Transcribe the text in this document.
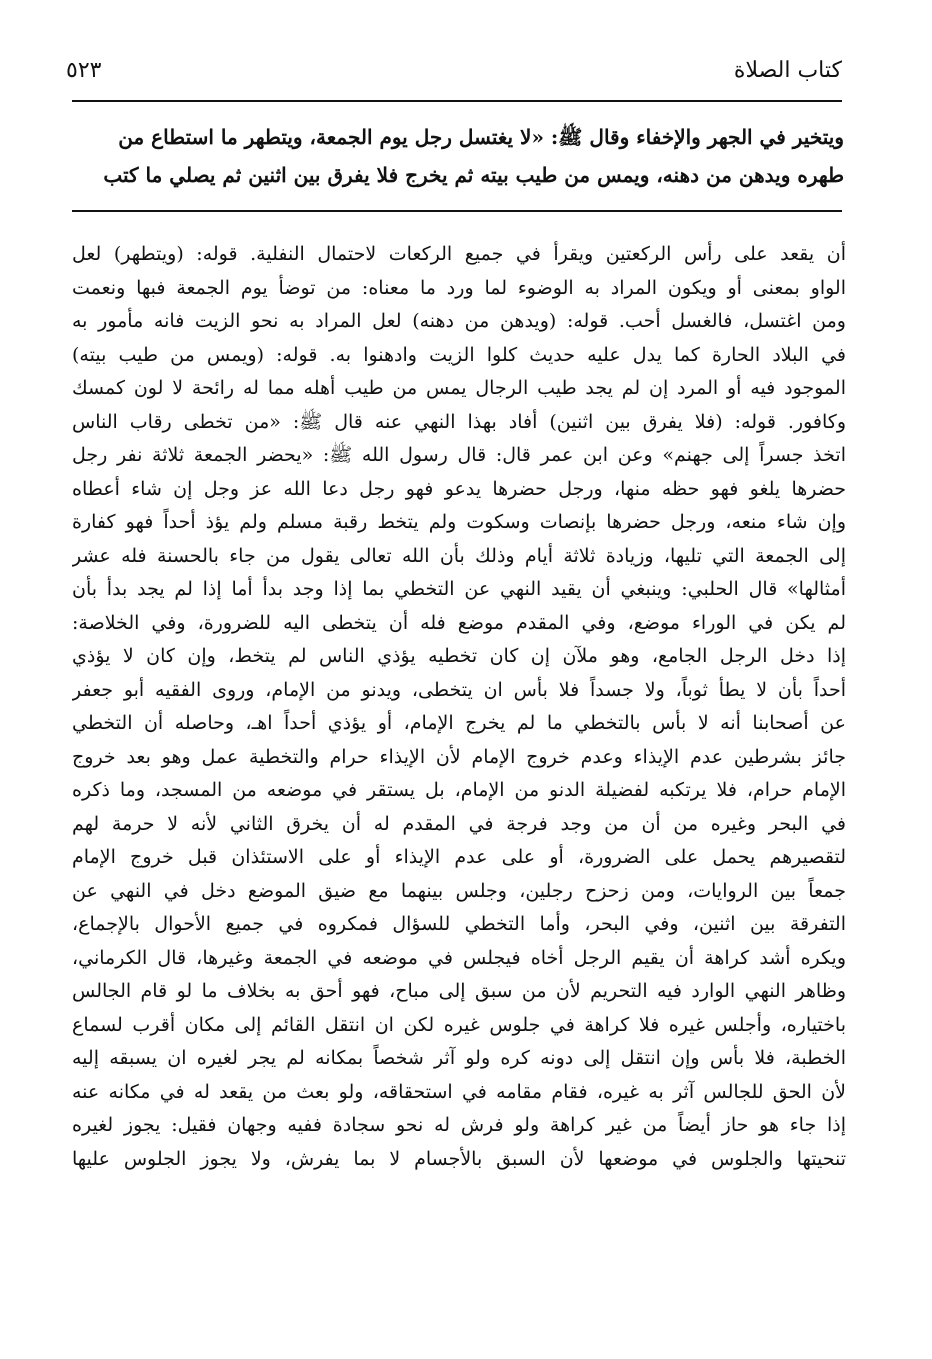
كتاب الصلاة
٥٢٣
ويتخير في الجهر والإخفاء وقال ﷺ: «لا يغتسل رجل يوم الجمعة، ويتطهر ما استطاع من
طهره ويدهن من دهنه، ويمس من طيب بيته ثم يخرج فلا يفرق بين اثنين ثم يصلي ما كتب
أن يقعد على رأس الركعتين ويقرأ في جميع الركعات لاحتمال النفلية. قوله: (ويتطهر) لعل
الواو بمعنى أو ويكون المراد به الوضوء لما ورد ما معناه: من توضأ يوم الجمعة فبها ونعمت
ومن اغتسل، فالغسل أحب. قوله: (ويدهن من دهنه) لعل المراد به نحو الزيت فانه مأمور به
في البلاد الحارة كما يدل عليه حديث كلوا الزيت وادهنوا به. قوله: (ويمس من طيب بيته)
الموجود فيه أو المرد إن لم يجد طيب الرجال يمس من طيب أهله مما له رائحة لا لون كمسك
وكافور. قوله: (فلا يفرق بين اثنين) أفاد بهذا النهي عنه قال ﷺ: «من تخطى رقاب الناس
اتخذ جسراً إلى جهنم» وعن ابن عمر قال: قال رسول الله ﷺ: «يحضر الجمعة ثلاثة نفر رجل
حضرها يلغو فهو حظه منها، ورجل حضرها يدعو فهو رجل دعا الله عز وجل إن شاء أعطاه
وإن شاء منعه، ورجل حضرها بإنصات وسكوت ولم يتخط رقبة مسلم ولم يؤذ أحداً فهو كفارة
إلى الجمعة التي تليها، وزيادة ثلاثة أيام وذلك بأن الله تعالى يقول من جاء بالحسنة فله عشر
أمثالها» قال الحلبي: وينبغي أن يقيد النهي عن التخطي بما إذا وجد بدأ أما إذا لم يجد بدأ بأن
لم يكن في الوراء موضع، وفي المقدم موضع فله أن يتخطى اليه للضرورة، وفي الخلاصة:
إذا دخل الرجل الجامع، وهو ملآن إن كان تخطيه يؤذي الناس لم يتخط، وإن كان لا يؤذي
أحداً بأن لا يطأ ثوباً، ولا جسداً فلا بأس ان يتخطى، ويدنو من الإمام، وروى الفقيه أبو جعفر
عن أصحابنا أنه لا بأس بالتخطي ما لم يخرج الإمام، أو يؤذي أحداً اهـ، وحاصله أن التخطي
جائز بشرطين عدم الإيذاء وعدم خروج الإمام لأن الإيذاء حرام والتخطية عمل وهو بعد خروج
الإمام حرام، فلا يرتكبه لفضيلة الدنو من الإمام، بل يستقر في موضعه من المسجد، وما ذكره
في البحر وغيره من أن من وجد فرجة في المقدم له أن يخرق الثاني لأنه لا حرمة لهم
لتقصيرهم يحمل على الضرورة، أو على عدم الإيذاء أو على الاستئذان قبل خروج الإمام
جمعاً بين الروايات، ومن زحزح رجلين، وجلس بينهما مع ضيق الموضع دخل في النهي عن
التفرقة بين اثنين، وفي البحر، وأما التخطي للسؤال فمكروه في جميع الأحوال بالإجماع،
ويكره أشد كراهة أن يقيم الرجل أخاه فيجلس في موضعه في الجمعة وغيرها، قال الكرماني،
وظاهر النهي الوارد فيه التحريم لأن من سبق إلى مباح، فهو أحق به بخلاف ما لو قام الجالس
باختياره، وأجلس غيره فلا كراهة في جلوس غيره لكن ان انتقل القائم إلى مكان أقرب لسماع
الخطبة، فلا بأس وإن انتقل إلى دونه كره ولو آثر شخصاً بمكانه لم يجر لغيره ان يسبقه إليه
لأن الحق للجالس آثر به غيره، فقام مقامه في استحقاقه، ولو بعث من يقعد له في مكانه عنه
إذا جاء هو حاز أيضاً من غير كراهة ولو فرش له نحو سجادة ففيه وجهان فقيل: يجوز لغيره
تنحيتها والجلوس في موضعها لأن السبق بالأجسام لا بما يفرش، ولا يجوز الجلوس عليها
